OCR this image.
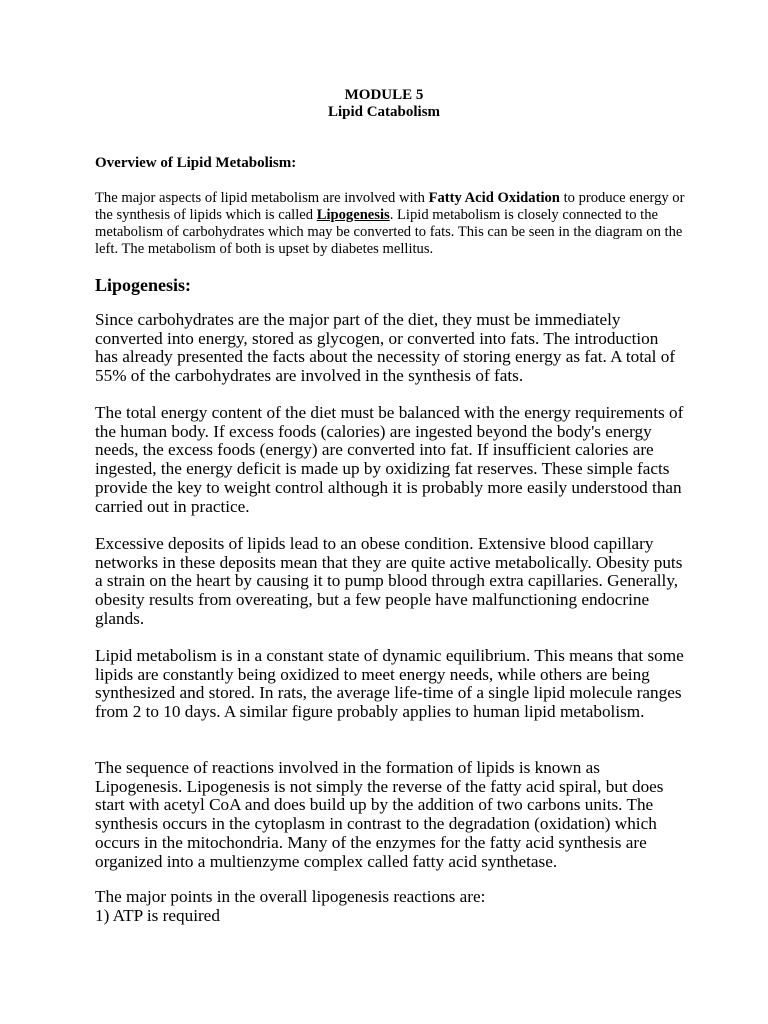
MODULE 5
Lipid Catabolism
Overview of Lipid Metabolism:
The major aspects of lipid metabolism are involved with Fatty Acid Oxidation to produce energy or the synthesis of lipids which is called Lipogenesis. Lipid metabolism is closely connected to the metabolism of carbohydrates which may be converted to fats. This can be seen in the diagram on the left. The metabolism of both is upset by diabetes mellitus.
Lipogenesis:

Since carbohydrates are the major part of the diet, they must be immediately converted into energy, stored as glycogen, or converted into fats. The introduction has already presented the facts about the necessity of storing energy as fat. A total of 55% of the carbohydrates are involved in the synthesis of fats.

The total energy content of the diet must be balanced with the energy requirements of the human body. If excess foods (calories) are ingested beyond the body's energy needs, the excess foods (energy) are converted into fat. If insufficient calories are ingested, the energy deficit is made up by oxidizing fat reserves. These simple facts provide the key to weight control although it is probably more easily understood than carried out in practice.

Excessive deposits of lipids lead to an obese condition. Extensive blood capillary networks in these deposits mean that they are quite active metabolically. Obesity puts a strain on the heart by causing it to pump blood through extra capillaries. Generally, obesity results from overeating, but a few people have malfunctioning endocrine glands.

Lipid metabolism is in a constant state of dynamic equilibrium. This means that some lipids are constantly being oxidized to meet energy needs, while others are being synthesized and stored. In rats, the average life-time of a single lipid molecule ranges from 2 to 10 days. A similar figure probably applies to human lipid metabolism.

The sequence of reactions involved in the formation of lipids is known as Lipogenesis. Lipogenesis is not simply the reverse of the fatty acid spiral, but does start with acetyl CoA and does build up by the addition of two carbons units. The synthesis occurs in the cytoplasm in contrast to the degradation (oxidation) which occurs in the mitochondria. Many of the enzymes for the fatty acid synthesis are organized into a multienzyme complex called fatty acid synthetase.

The major points in the overall lipogenesis reactions are:

1) ATP is required
